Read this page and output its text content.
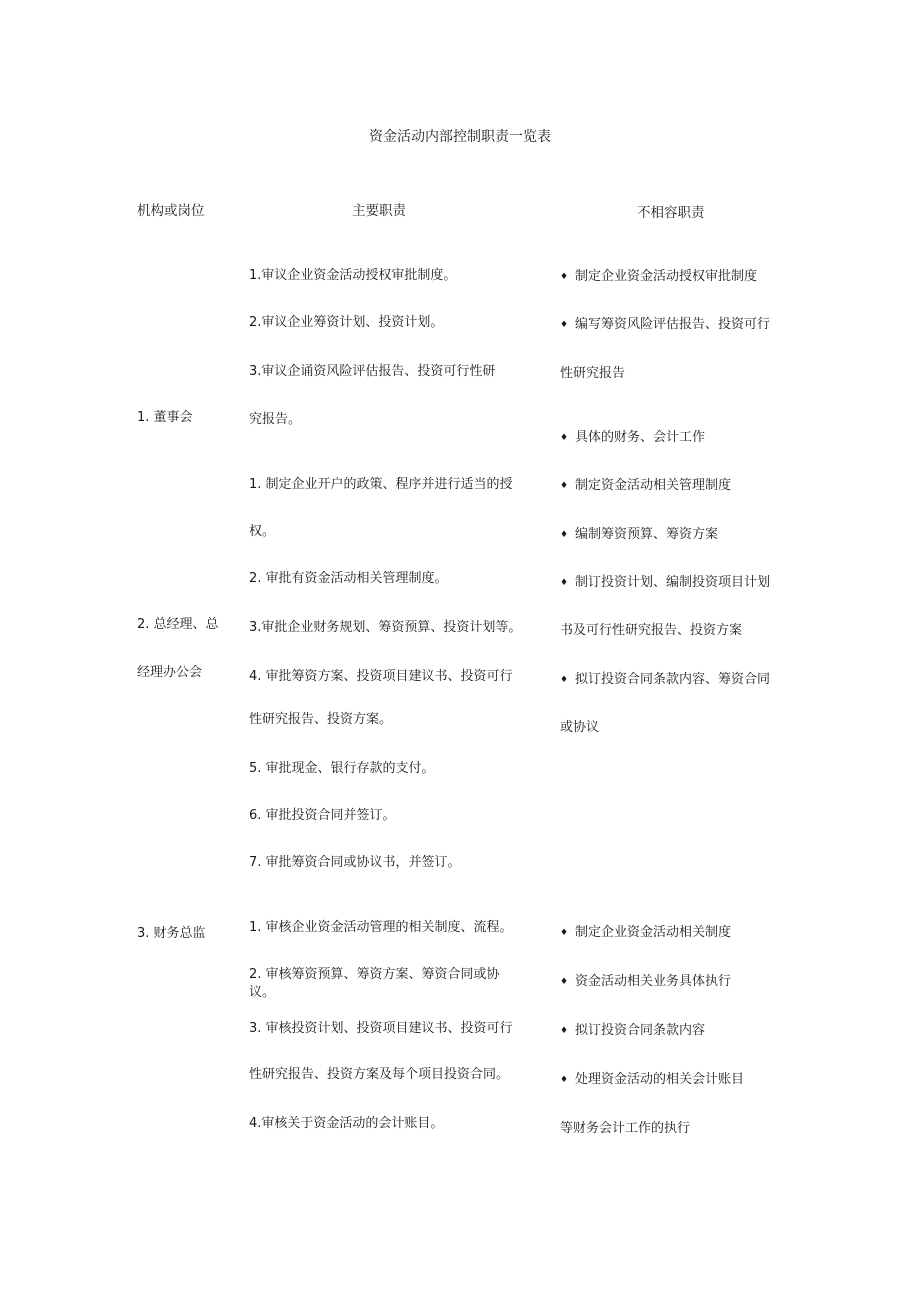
资金活动内部控制职责一览表
机构或岗位	主要职责	不相容职责
1. 董事会
2. 总经理、总
经理办公会
3. 财务总监
1.审议企业资金活动授权审批制度。
2.审议企业筹资计划、投资计划。
3.审议企诵资风险评估报告、投资可行性研
究报告。
1. 制定企业开户的政策、程序并进行适当的授
权。
2. 审批有资金活动相关管理制度。
3.审批企业财务规划、筹资预算、投资计划等。
4. 审批筹资方案、投资项目建议书、投资可行
性研究报告、投资方案。
5. 审批现金、银行存款的支付。
6. 审批投资合同并签订。
7. 审批筹资合同或协议书，并签订。
1. 审核企业资金活动管理的相关制度、流程。
2. 审核筹资预算、筹资方案、筹资合同或协
议。
3. 审核投资计划、投资项目建议书、投资可行
性研究报告、投资方案及每个项目投资合同。
4.审核关于资金活动的会计账目。
♦ 制定企业资金活动授权审批制度
♦ 编写筹资风险评估报告、投资可行
性研究报告
♦ 具体的财务、会计工作
♦ 制定资金活动相关管理制度
♦ 编制筹资预算、筹资方案
♦ 制订投资计划、编制投资项目计划
书及可行性研究报告、投资方案
♦ 拟订投资合同条款内容、筹资合同
或协议
♦ 制定企业资金活动相关制度
♦ 资金活动相关业务具体执行
♦ 拟订投资合同条款内容
♦ 处理资金活动的相关会计账目
等财务会计工作的执行
